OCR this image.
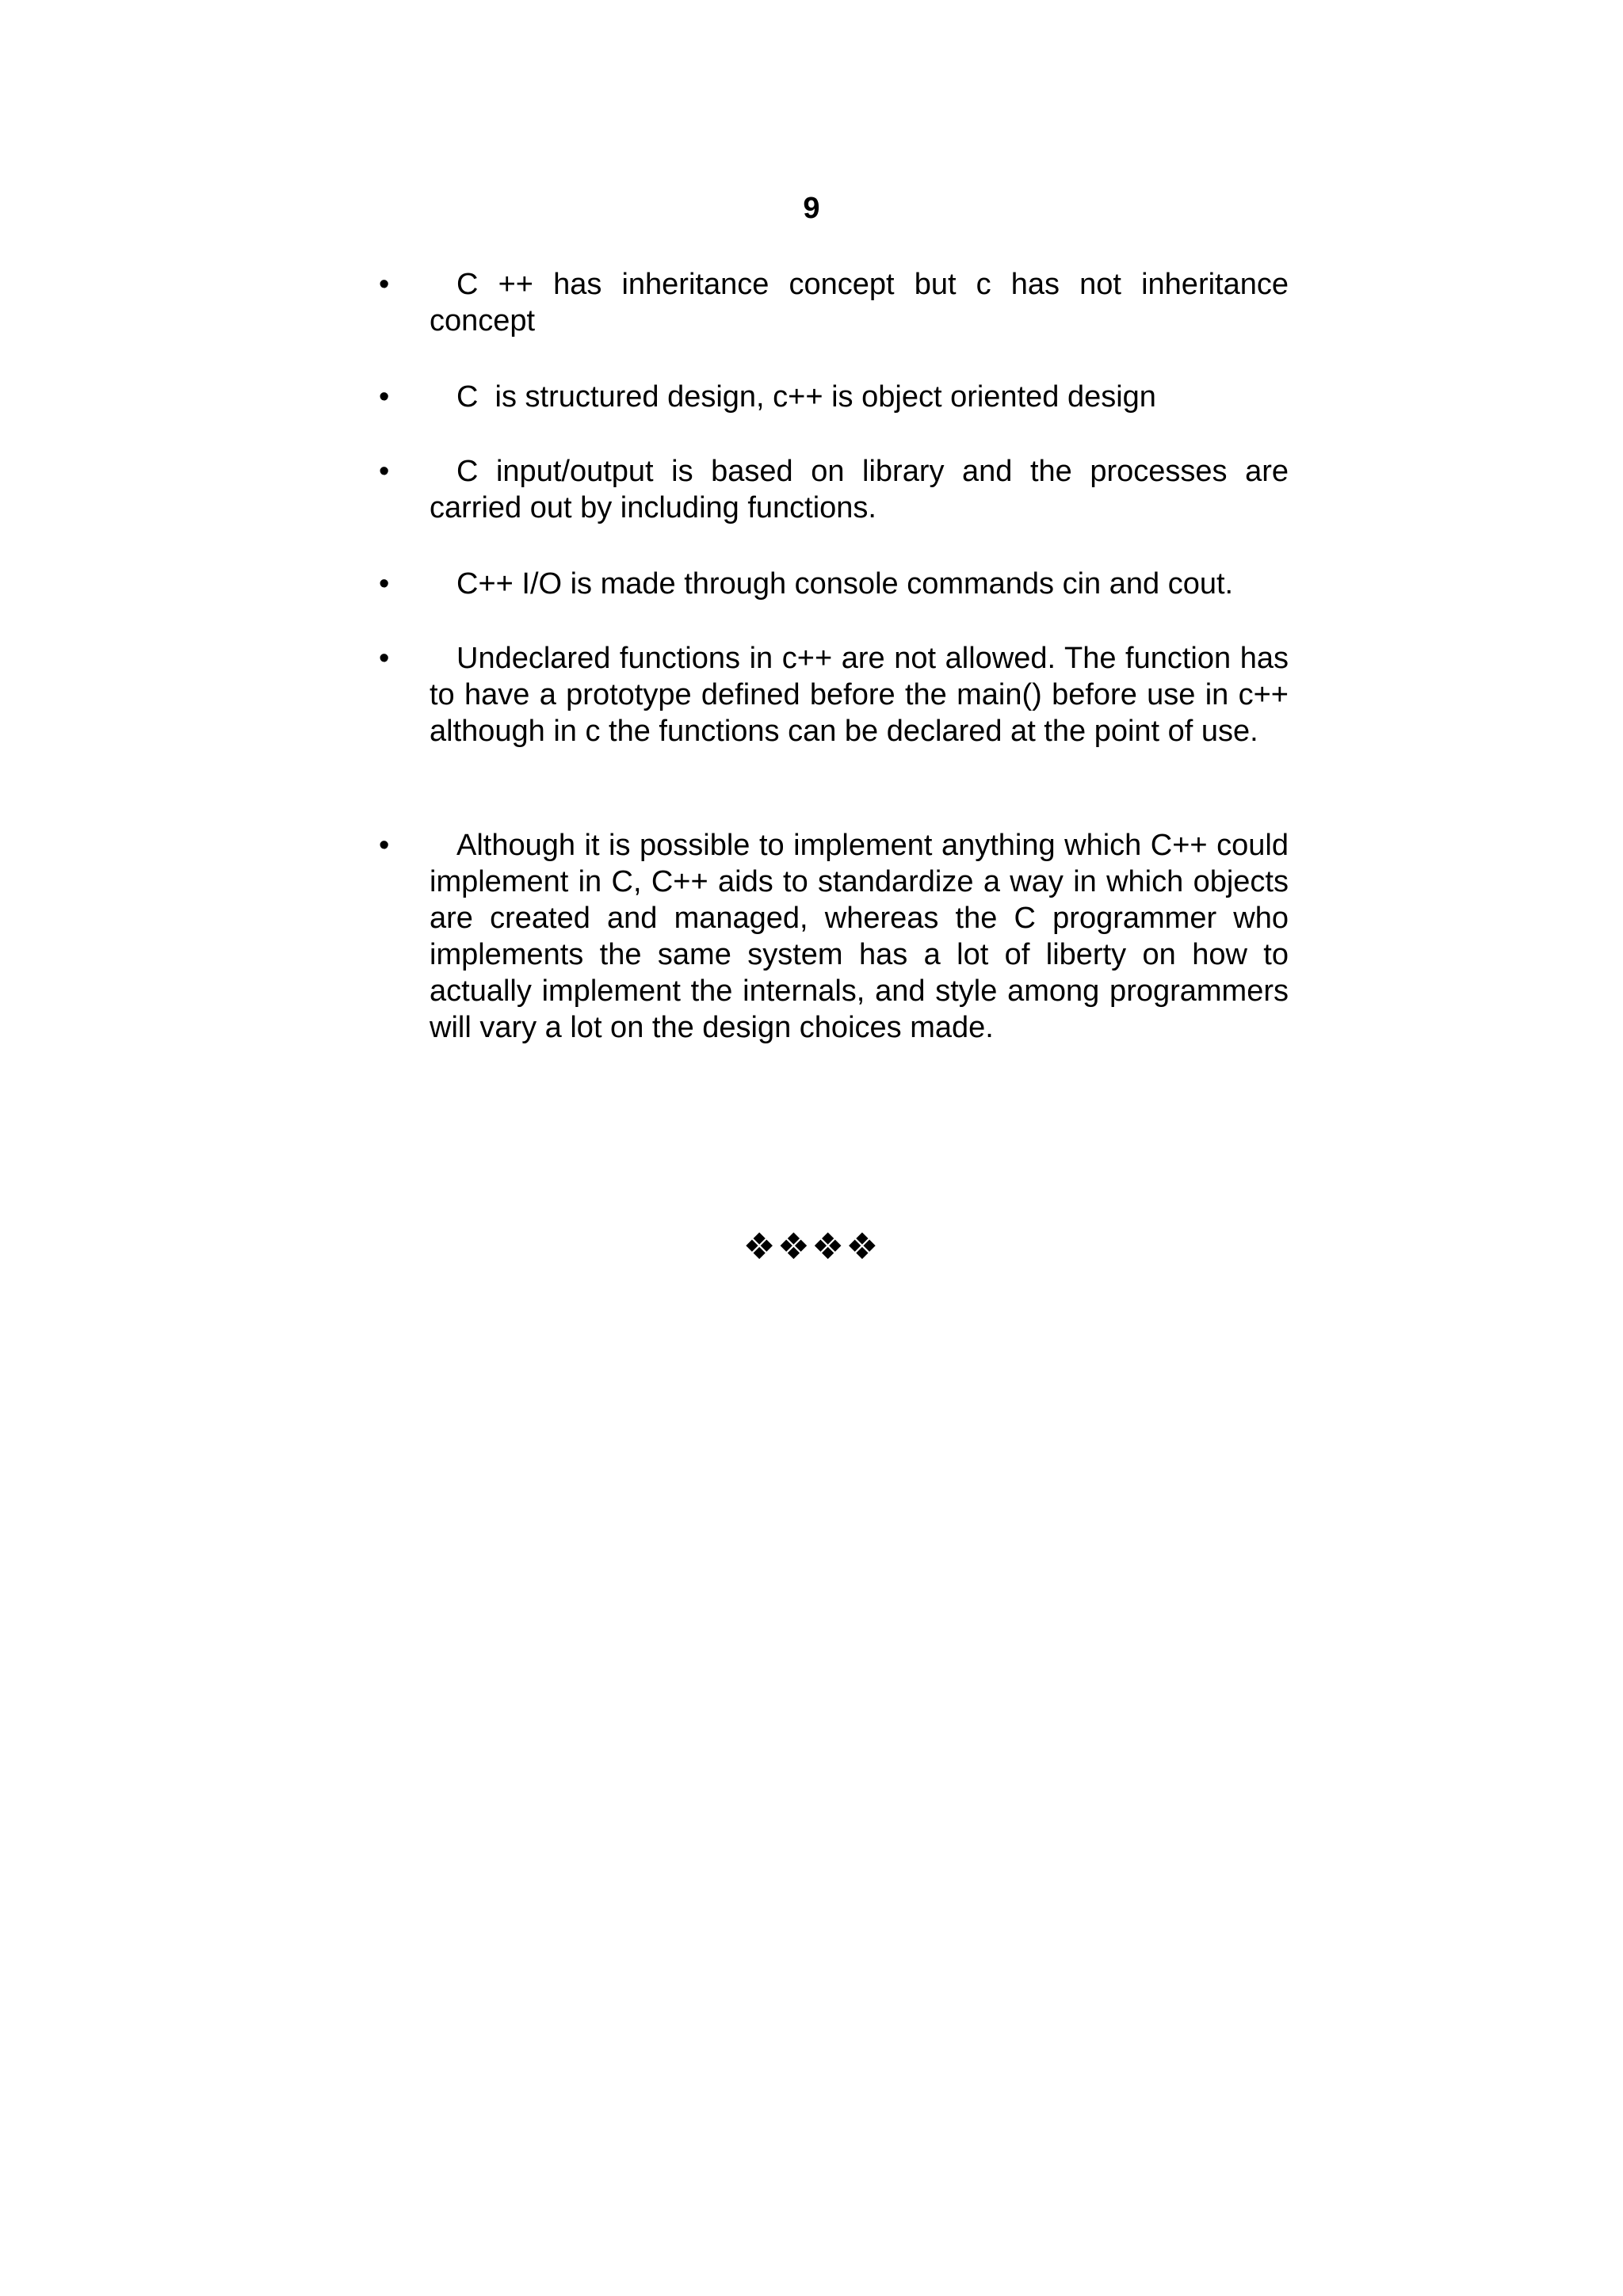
9
•	C ++ has inheritance concept but c has not inheritance concept
•	C  is structured design, c++ is object oriented design
•	C input/output is based on library and the processes are carried out by including functions.
•	C++ I/O is made through console commands cin and cout.
•	Undeclared functions in c++ are not allowed. The function has to have a prototype defined before the main() before use in c++ although in c the functions can be declared at the point of use.
•	Although it is possible to implement anything which C++ could implement in C, C++ aids to standardize a way in which objects are created and managed, whereas the C programmer who implements the same system has a lot of liberty on how to actually implement the internals, and style among programmers will vary a lot on the design choices made.
❖❖❖❖
